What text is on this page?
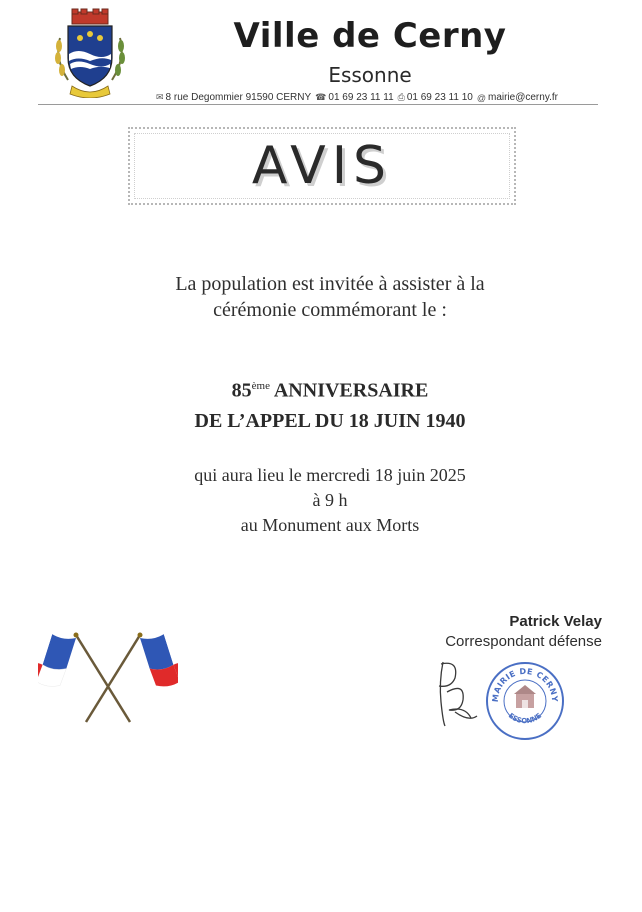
Ville de Cerny
Essonne
✉ 8 rue Degommier 91590 CERNY ☎ 01 69 23 11 11 ⎙ 01 69 23 11 10 @ mairie@cerny.fr
AVIS
La population est invitée à assister à la
cérémonie commémorant le :
85ème ANNIVERSAIRE
DE L’APPEL DU 18 JUIN 1940
qui aura lieu le mercredi 18 juin 2025
à 9 h
au Monument aux Morts
Patrick Velay
Correspondant défense
MAIRIE DE CERNY
ESSONNE
